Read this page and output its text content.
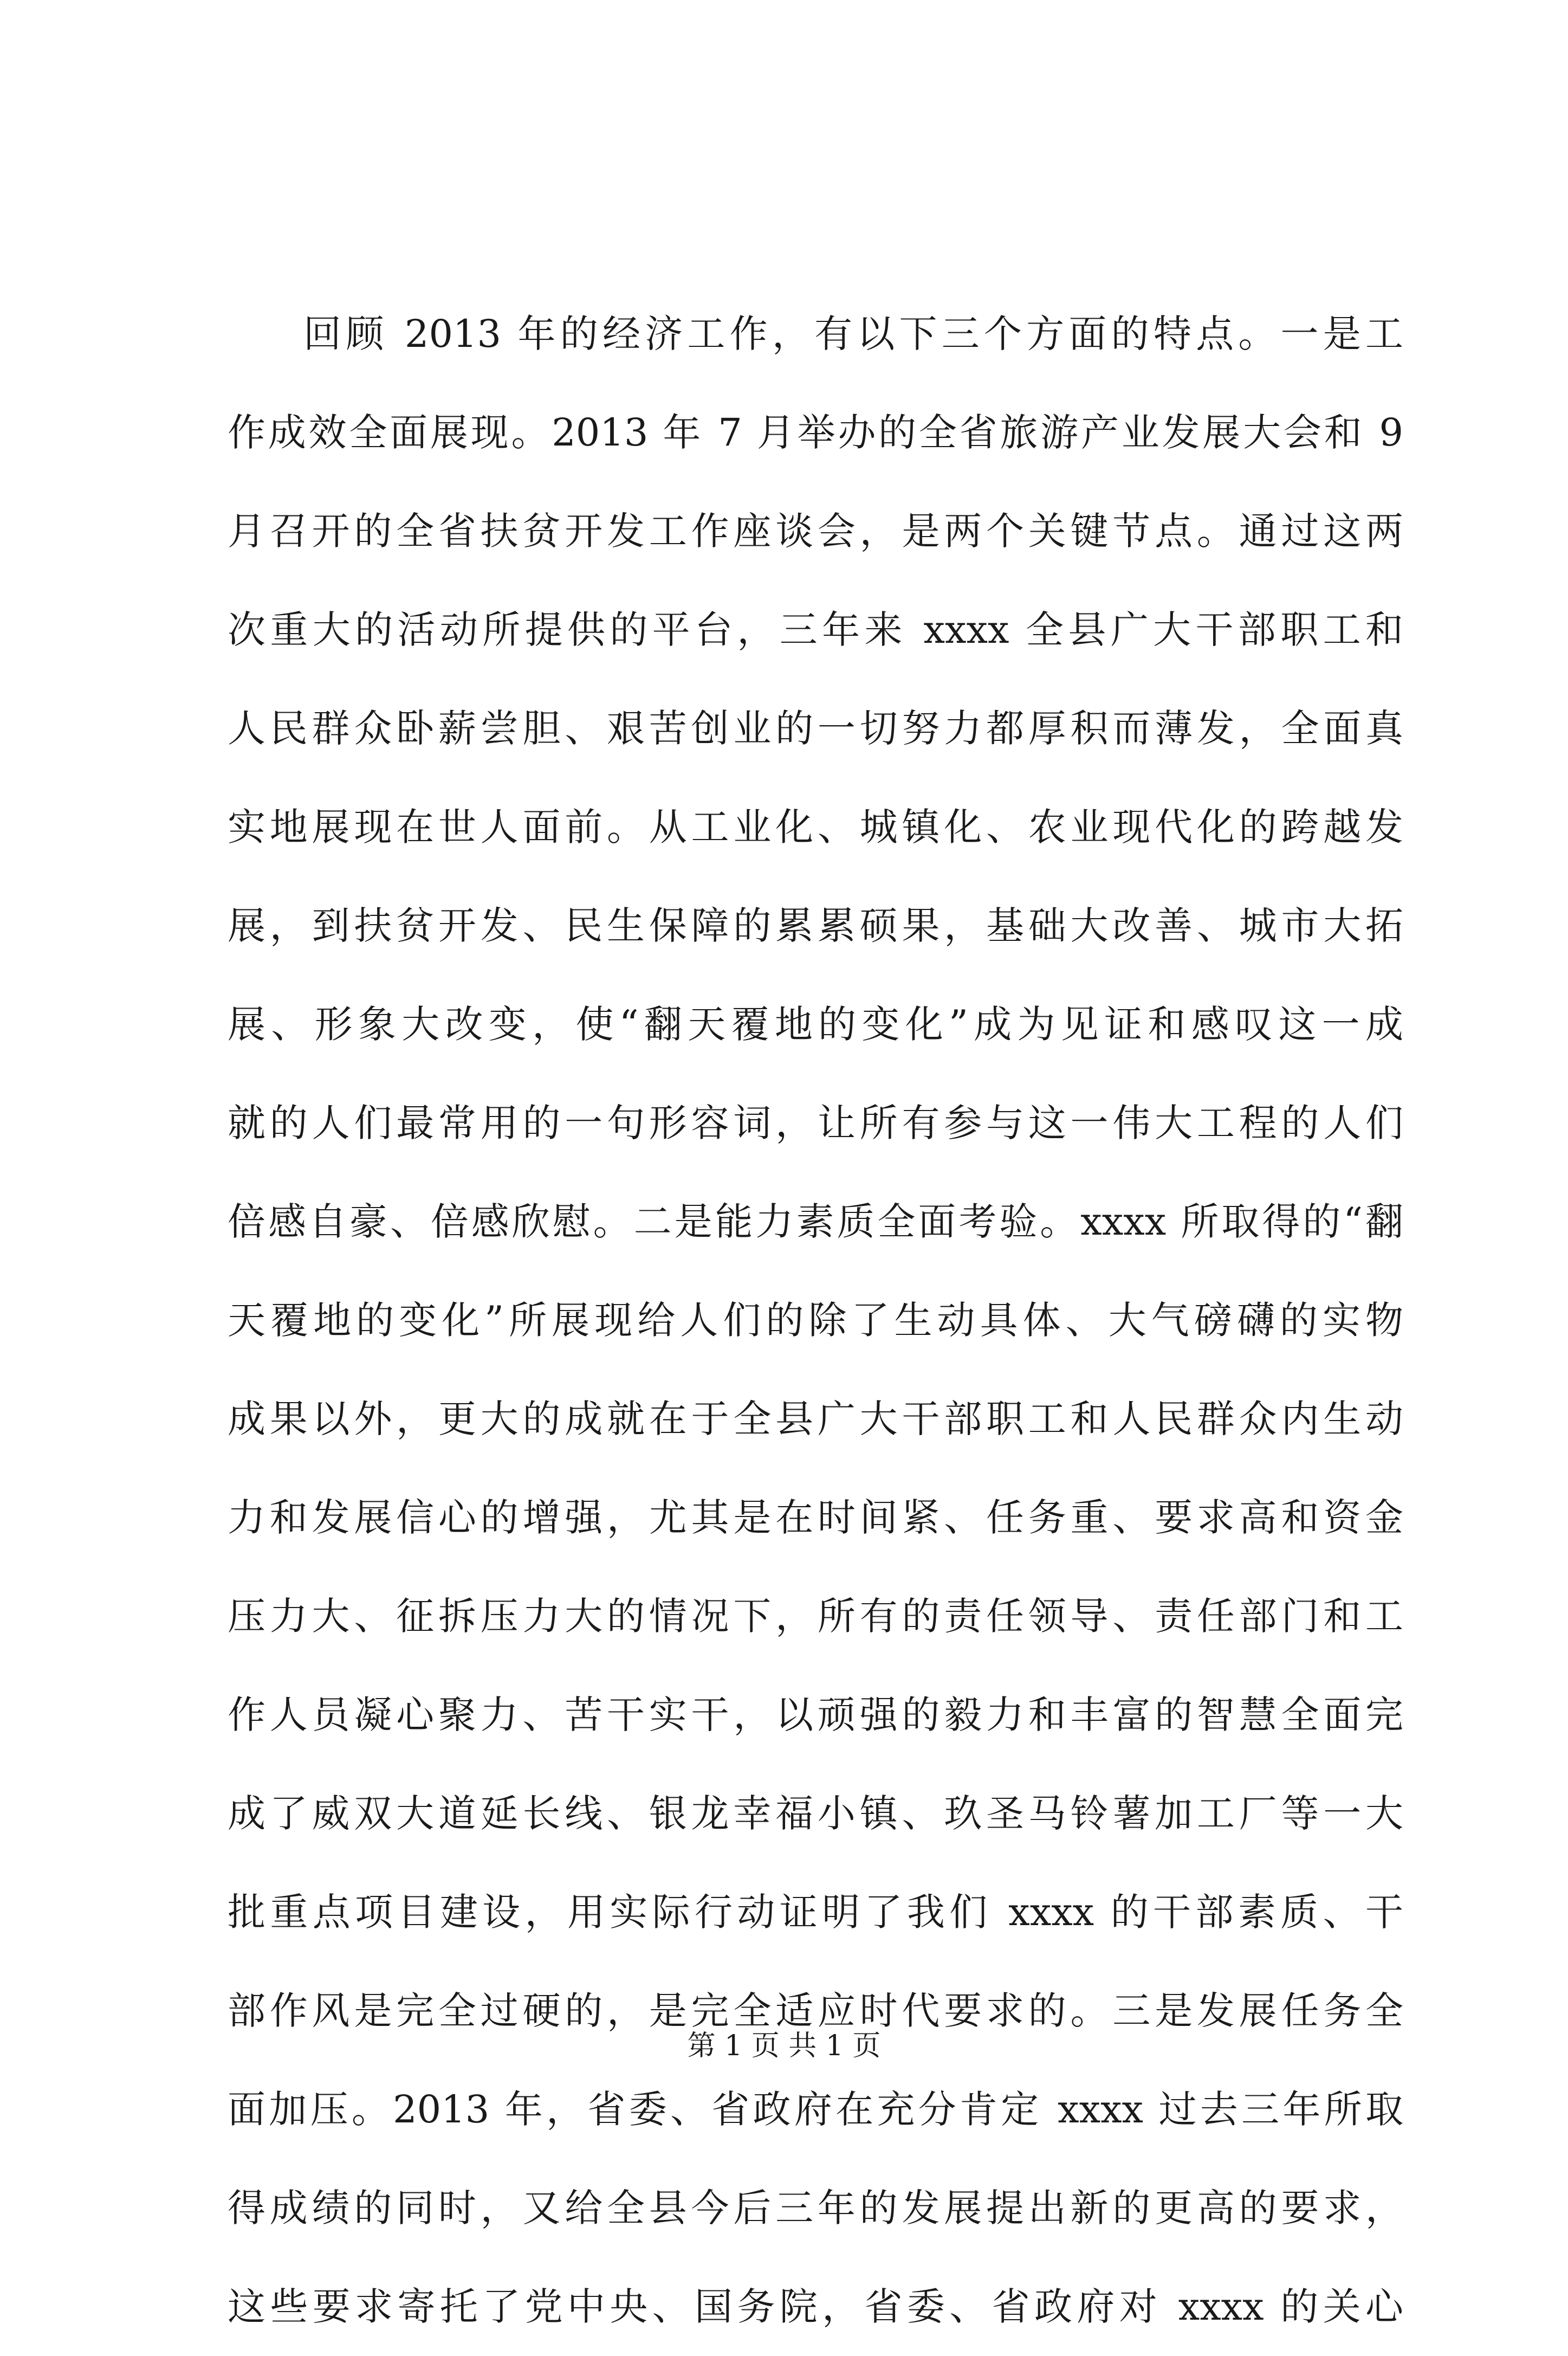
回顾 2013 年的经济工作，有以下三个方面的特点。一是工
作成效全面展现。2013 年 7 月举办的全省旅游产业发展大会和 9
月召开的全省扶贫开发工作座谈会，是两个关键节点。通过这两
次重大的活动所提供的平台，三年来 xxxx 全县广大干部职工和
人民群众卧薪尝胆、艰苦创业的一切努力都厚积而薄发，全面真
实地展现在世人面前。从工业化、城镇化、农业现代化的跨越发
展，到扶贫开发、民生保障的累累硕果，基础大改善、城市大拓
展、形象大改变，使“翻天覆地的变化”成为见证和感叹这一成
就的人们最常用的一句形容词，让所有参与这一伟大工程的人们
倍感自豪、倍感欣慰。二是能力素质全面考验。xxxx 所取得的“翻
天覆地的变化”所展现给人们的除了生动具体、大气磅礴的实物
成果以外，更大的成就在于全县广大干部职工和人民群众内生动
力和发展信心的增强，尤其是在时间紧、任务重、要求高和资金
压力大、征拆压力大的情况下，所有的责任领导、责任部门和工
作人员凝心聚力、苦干实干，以顽强的毅力和丰富的智慧全面完
成了威双大道延长线、银龙幸福小镇、玖圣马铃薯加工厂等一大
批重点项目建设，用实际行动证明了我们 xxxx 的干部素质、干
部作风是完全过硬的，是完全适应时代要求的。三是发展任务全
面加压。2013 年，省委、省政府在充分肯定 xxxx 过去三年所取
得成绩的同时，又给全县今后三年的发展提出新的更高的要求，
这些要求寄托了党中央、国务院，省委、省政府对 xxxx 的关心
第 1 页 共 1 页
